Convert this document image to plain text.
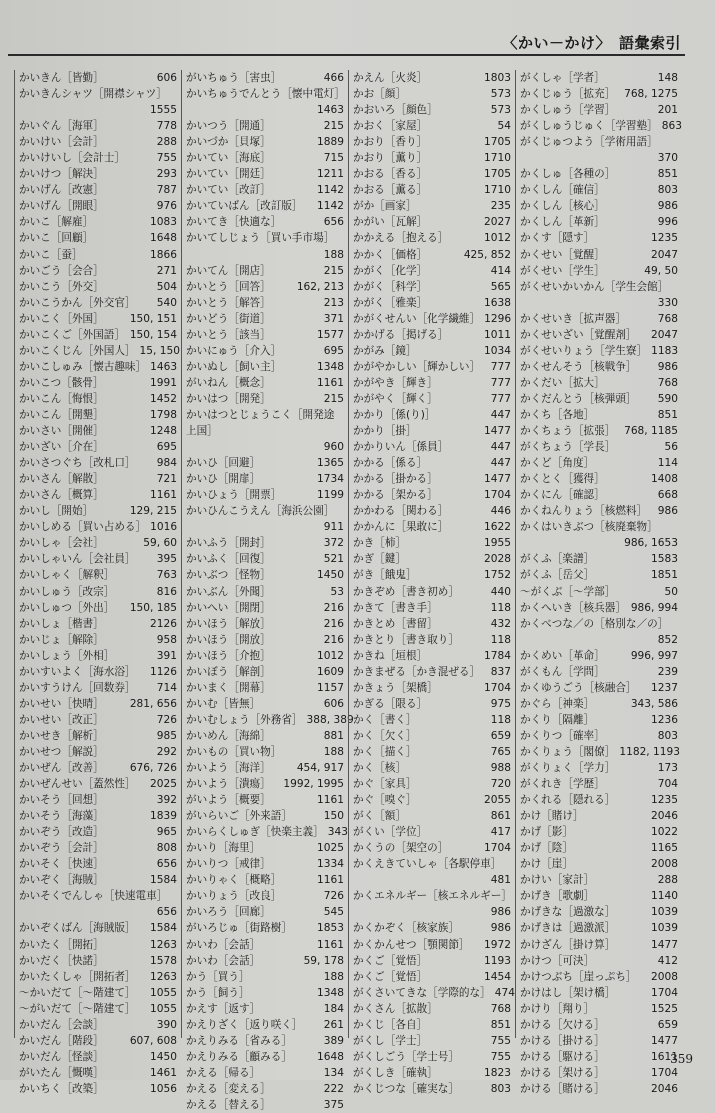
〈かい－かけ〉　語彙索引
かいきん［皆勤］	606
かいきんシャツ［開襟シャツ］
1555
かいぐん［海軍］	778
かいけい［会計］	288
かいけいし［会計士］	755
かいけつ［解決］	293
かいげん［改憲］	787
かいげん［開眼］	976
かいこ［解雇］	1083
かいこ［回顧］	1648
かいこ［蚕］	1866
かいごう［会合］	271
かいこう［外交］	504
かいこうかん［外交官］	540
かいこく［外国］	150, 151
かいこくご［外国語］ 150, 154
かいこくじん［外国人］ 15, 150
かいこしゅみ［懐古趣味］ 1463
かいこつ［骸骨］	1991
かいこん［悔恨］	1452
かいこん［開墾］	1798
かいさい［開催］	1248
かいざい［介在］	695
かいさつぐち［改札口］	984
かいさん［解散］	721
かいさん［概算］	1161
かいし［開始］	129, 215
かいしめる［買い占める］ 1016
かいしゃ［会社］	59, 60
かいしゃいん［会社員］	395
かいしゃく［解釈］	763
かいしゅう［改宗］	816
かいしゅつ［外出］	150, 185
かいしょ［楷書］	2126
かいじょ［解除］	958
かいしょう［外相］	391
かいすいよく［海水浴］	1126
かいすうけん［回数券］	714
かいせい［快晴］	281, 656
かいせい［改正］	726
かいせき［解析］	985
かいせつ［解説］	292
かいぜん［改善］	676, 726
かいぜんせい［蓋然性］	2025
かいそう［回想］	392
かいそう［海藻］	1839
かいぞう［改造］	965
かいぞう［会計］	808
かいそく［快速］	656
かいぞく［海賊］	1584
かいそくでんしゃ［快速電車］
656
かいぞくばん［海賊版］	1584
かいたく［開拓］	1263
かいだく［快諾］	1578
かいたくしゃ［開拓者］	1263
～かいだて［～階建て］	1055
～がいだて［～階建て］	1055
かいだん［会談］	390
かいだん［階段］	607, 608
かいだん［怪談］	1450
がいたん［慨嘆］	1461
かいちく［改築］	1056
がいちゅう［害虫］	466
かいちゅうでんとう［懐中電灯］
1463
かいつう［開通］	215
かいづか［貝塚］	1889
かいてい［海底］	715
かいてい［開廷］	1211
かいてい［改訂］	1142
かいていばん［改訂版］	1142
かいてき［快適な］	656
かいてしじょう［買い手市場］
188
かいてん［開店］	215
かいとう［回答］	162, 213
かいとう［解答］	213
かいどう［街道］	371
かいとう［該当］	1577
かいにゅう［介入］	695
かいぬし［飼い主］	1348
がいねん［概念］	1161
かいはつ［開発］	215
かいはつとじょうこく［開発途上国］
960
かいひ［回避］	1365
かいひ［開扉］	1734
かいひょう［開票］	1199
かいひんこうえん［海浜公園］
911
かいふう［開封］	372
かいふく［回復］	521
かいぶつ［怪物］	1450
かいぶん［外聞］	53
かいへい［開閉］	216
かいほう［解放］	216
かいほう［開放］	216
かいほう［介抱］	1012
かいぼう［解剖］	1609
かいまく［開幕］	1157
かいむ［皆無］	606
かいむしょう［外務省］ 388, 389
かいめん［海綿］	881
かいもの［買い物］	188
かいよう［海洋］	454, 917
かいよう［潰瘍］	1992, 1995
がいよう［概要］	1161
がいらいご［外来語］	150
かいらくしゅぎ［快楽主義］ 343
かいり［海里］	1025
かいりつ［戒律］	1334
かいりゃく［概略］	1161
かいりょう［改良］	726
かいろう［回廊］	545
がいろじゅ［街路樹］	1853
かいわ［会話］	1161
かいわ［会話］	59, 178
かう［買う］	188
かう［飼う］	1348
かえす［返す］	184
かえりざく［返り咲く］	261
かえりみる［省みる］	389
かえりみる［顧みる］	1648
かえる［帰る］	134
かえる［変える］	222
かえる［替える］	375
かえん［火炎］	1803
かお［顔］	573
かおいろ［顔色］	573
かおく［家屋］	54
かおり［香り］	1705
かおり［薫り］	1710
かおる［香る］	1705
かおる［薫る］	1710
がか［画家］	235
かがい［瓦解］	2027
かかえる［抱える］	1012
かかく［価格］	425, 852
かがく［化学］	414
かがく［科学］	565
かがく［雅楽］	1638
かがくせんい［化学繊維］ 1296
かかげる［掲げる］	1011
かがみ［鏡］	1034
かがやかしい［輝かしい］	777
かがやき［輝き］	777
かがやく［輝く］	777
かかり［係(り)］	447
かかり［掛］	1477
かかりいん［係員］	447
かかる［係る］	447
かかる［掛かる］	1477
かかる［架かる］	1704
かかわる［関わる］	446
かかんに［果敢に］	1622
かき［柿］	1955
かぎ［鍵］	2028
がき［餓鬼］	1752
かきぞめ［書き初め］	440
かきて［書き手］	118
かきとめ［書留］	432
かきとり［書き取り］	118
かきね［垣根］	1784
かきまぜる［かき混ぜる］	837
かきょう［架橋］	1704
かぎる［限る］	975
かく［書く］	118
かく［欠く］	659
かく［描く］	765
かく［核］	988
かぐ［家具］	720
かぐ［嗅ぐ］	2055
がく［額］	861
がくい［学位］	417
かくうの［架空の］	1704
かくえきていしゃ［各駅停車］
481
かくエネルギー［核エネルギー］
986
かくかぞく［核家族］	986
かくかんせつ［顎関節］	1972
かくご［覚悟］	1193
かくご［覚悟］	1454
がくさいてきな［学際的な］ 474
かくさん［拡散］	768
かくじ［各自］	851
がくし［学士］	755
がくしごう［学士号］	755
がくしき［確執］	1823
かくじつな［確実な］	803
がくしゃ［学者］	148
かくじゅう［拡充］ 768, 1275
かくしゅう［学習］	201
がくしゅうじゅく［学習塾］ 863
がくじゅつよう［学術用語］
370
かくしゅ［各種の］	851
かくしん［確信］	803
かくしん［核心］	986
かくしん［革新］	996
かくす［隠す］	1235
かくせい［覚醒］	2047
がくせい［学生］	49, 50
がくせいかいかん［学生会館］
330
かくせいき［拡声器］	768
かくせいざい［覚醒剤］	2047
がくせいりょう［学生寮］ 1183
かくせんそう［核戦争］	986
かくだい［拡大］	768
かくだんとう［核弾頭］	590
かくち［各地］	851
かくちょう［拡張］ 768, 1185
がくちょう［学長］	56
かくど［角度］	114
かくとく［獲得］	1408
かくにん［確認］	668
かくねんりょう［核燃料］	986
かくはいきぶつ［核廃棄物］
986, 1653
がくふ［楽譜］	1583
がくふ［岳父］	1851
～がくぶ［～学部］	50
かくへいき［核兵器］ 986, 994
かくべつな／の［格別な／の］
852
かくめい［革命］	996, 997
がくもん［学問］	239
かくゆうごう［核融合］	1237
かぐら［神楽］	343, 586
かくり［隔離］	1236
かくりつ［確率］	803
かくりょう［閣僚］ 1182, 1193
がくりょく［学力］	173
がくれき［学歴］	704
かくれる［隠れる］	1235
かけ［賭け］	2046
かげ［影］	1022
かげ［陰］	1165
かけ［崖］	2008
かけい［家計］	288
かげき［歌劇］	1140
かげきな［過激な］	1039
かげきは［過激派］	1039
かけざん［掛け算］	1477
かけつ［可決］	412
かけつぶち［崖っぷち］	2008
かけはし［架け橋］	1704
かけり［翔り］	1525
かける［欠ける］	659
かける［掛ける］	1477
かける［駆ける］	1611
かける［架ける］	1704
かける［賭ける］	2046
359
